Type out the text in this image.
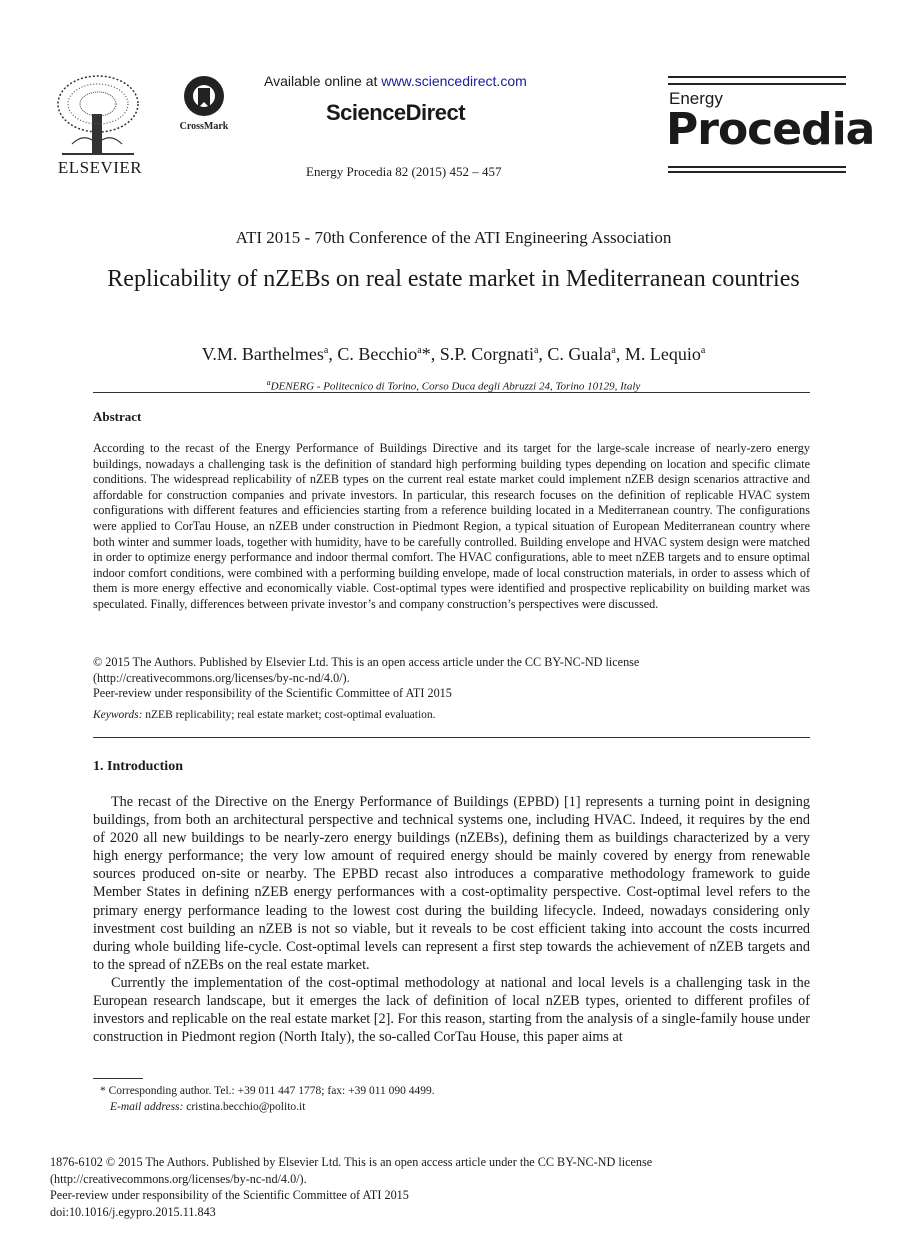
ELSEVIER
CrossMark
Available online at www.sciencedirect.com
ScienceDirect
Energy Procedia 82 (2015) 452 – 457
Energy
Procedia
ATI 2015 - 70th Conference of the ATI Engineering Association
Replicability of nZEBs on real estate market in Mediterranean countries
V.M. Barthelmes$^a$, C. Becchio$^a$*, S.P. Corgnati$^a$, C. Guala$^a$, M. Lequio$^a$
$^a$DENERG - Politecnico di Torino, Corso Duca degli Abruzzi 24, Torino 10129, Italy
Abstract
According to the recast of the Energy Performance of Buildings Directive and its target for the large-scale increase of nearly-zero energy buildings, nowadays a challenging task is the definition of standard high performing building types depending on location and specific climate conditions. The widespread replicability of nZEB types on the current real estate market could implement nZEB design scenarios attractive and affordable for construction companies and private investors. In particular, this research focuses on the definition of replicable HVAC system configurations with different features and efficiencies starting from a reference building located in a Mediterranean country. The configurations were applied to CorTau House, an nZEB under construction in Piedmont Region, a typical situation of European Mediterranean country where both winter and summer loads, together with humidity, have to be carefully controlled. Building envelope and HVAC system design were matched in order to optimize energy performance and indoor thermal comfort. The HVAC configurations, able to meet nZEB targets and to ensure optimal indoor comfort conditions, were combined with a performing building envelope, made of local construction materials, in order to assess which of them is more energy effective and economically viable. Cost-optimal types were identified and prospective replicability on building market was speculated. Finally, differences between private investor’s and company construction’s perspectives were discussed.
© 2015 The Authors. Published by Elsevier Ltd. This is an open access article under the CC BY-NC-ND license
(http://creativecommons.org/licenses/by-nc-nd/4.0/).
Peer-review under responsibility of the Scientific Committee of ATI 2015
Keywords: nZEB replicability; real estate market; cost-optimal evaluation.
1. Introduction

The recast of the Directive on the Energy Performance of Buildings (EPBD) [1] represents a turning point in designing buildings, from both an architectural perspective and technical systems one, including HVAC. Indeed, it requires by the end of 2020 all new buildings to be nearly-zero energy buildings (nZEBs), defining them as buildings characterized by a very high energy performance; the very low amount of required energy should be mainly covered by energy from renewable sources produced on-site or nearby. The EPBD recast also introduces a comparative methodology framework to guide Member States in defining nZEB energy performances with a cost-optimality perspective. Cost-optimal level refers to the primary energy performance leading to the lowest cost during the building lifecycle. Indeed, nowadays considering only investment cost building an nZEB is not so viable, but it reveals to be cost efficient taking into account the costs incurred during whole building life-cycle. Cost-optimal levels can represent a first step towards the achievement of nZEB targets and to the spread of nZEBs on the real estate market.

Currently the implementation of the cost-optimal methodology at national and local levels is a challenging task in the European research landscape, but it emerges the lack of definition of local nZEB types, oriented to different profiles of investors and replicable on the real estate market [2]. For this reason, starting from the analysis of a single-family house under construction in Piedmont region (North Italy), the so-called CorTau House, this paper aims at

* Corresponding author. Tel.: +39 011 447 1778; fax: +39 011 090 4499.
E-mail address: cristina.becchio@polito.it
1876-6102 © 2015 The Authors. Published by Elsevier Ltd. This is an open access article under the CC BY-NC-ND license
(http://creativecommons.org/licenses/by-nc-nd/4.0/).
Peer-review under responsibility of the Scientific Committee of ATI 2015
doi:10.1016/j.egypro.2015.11.843
